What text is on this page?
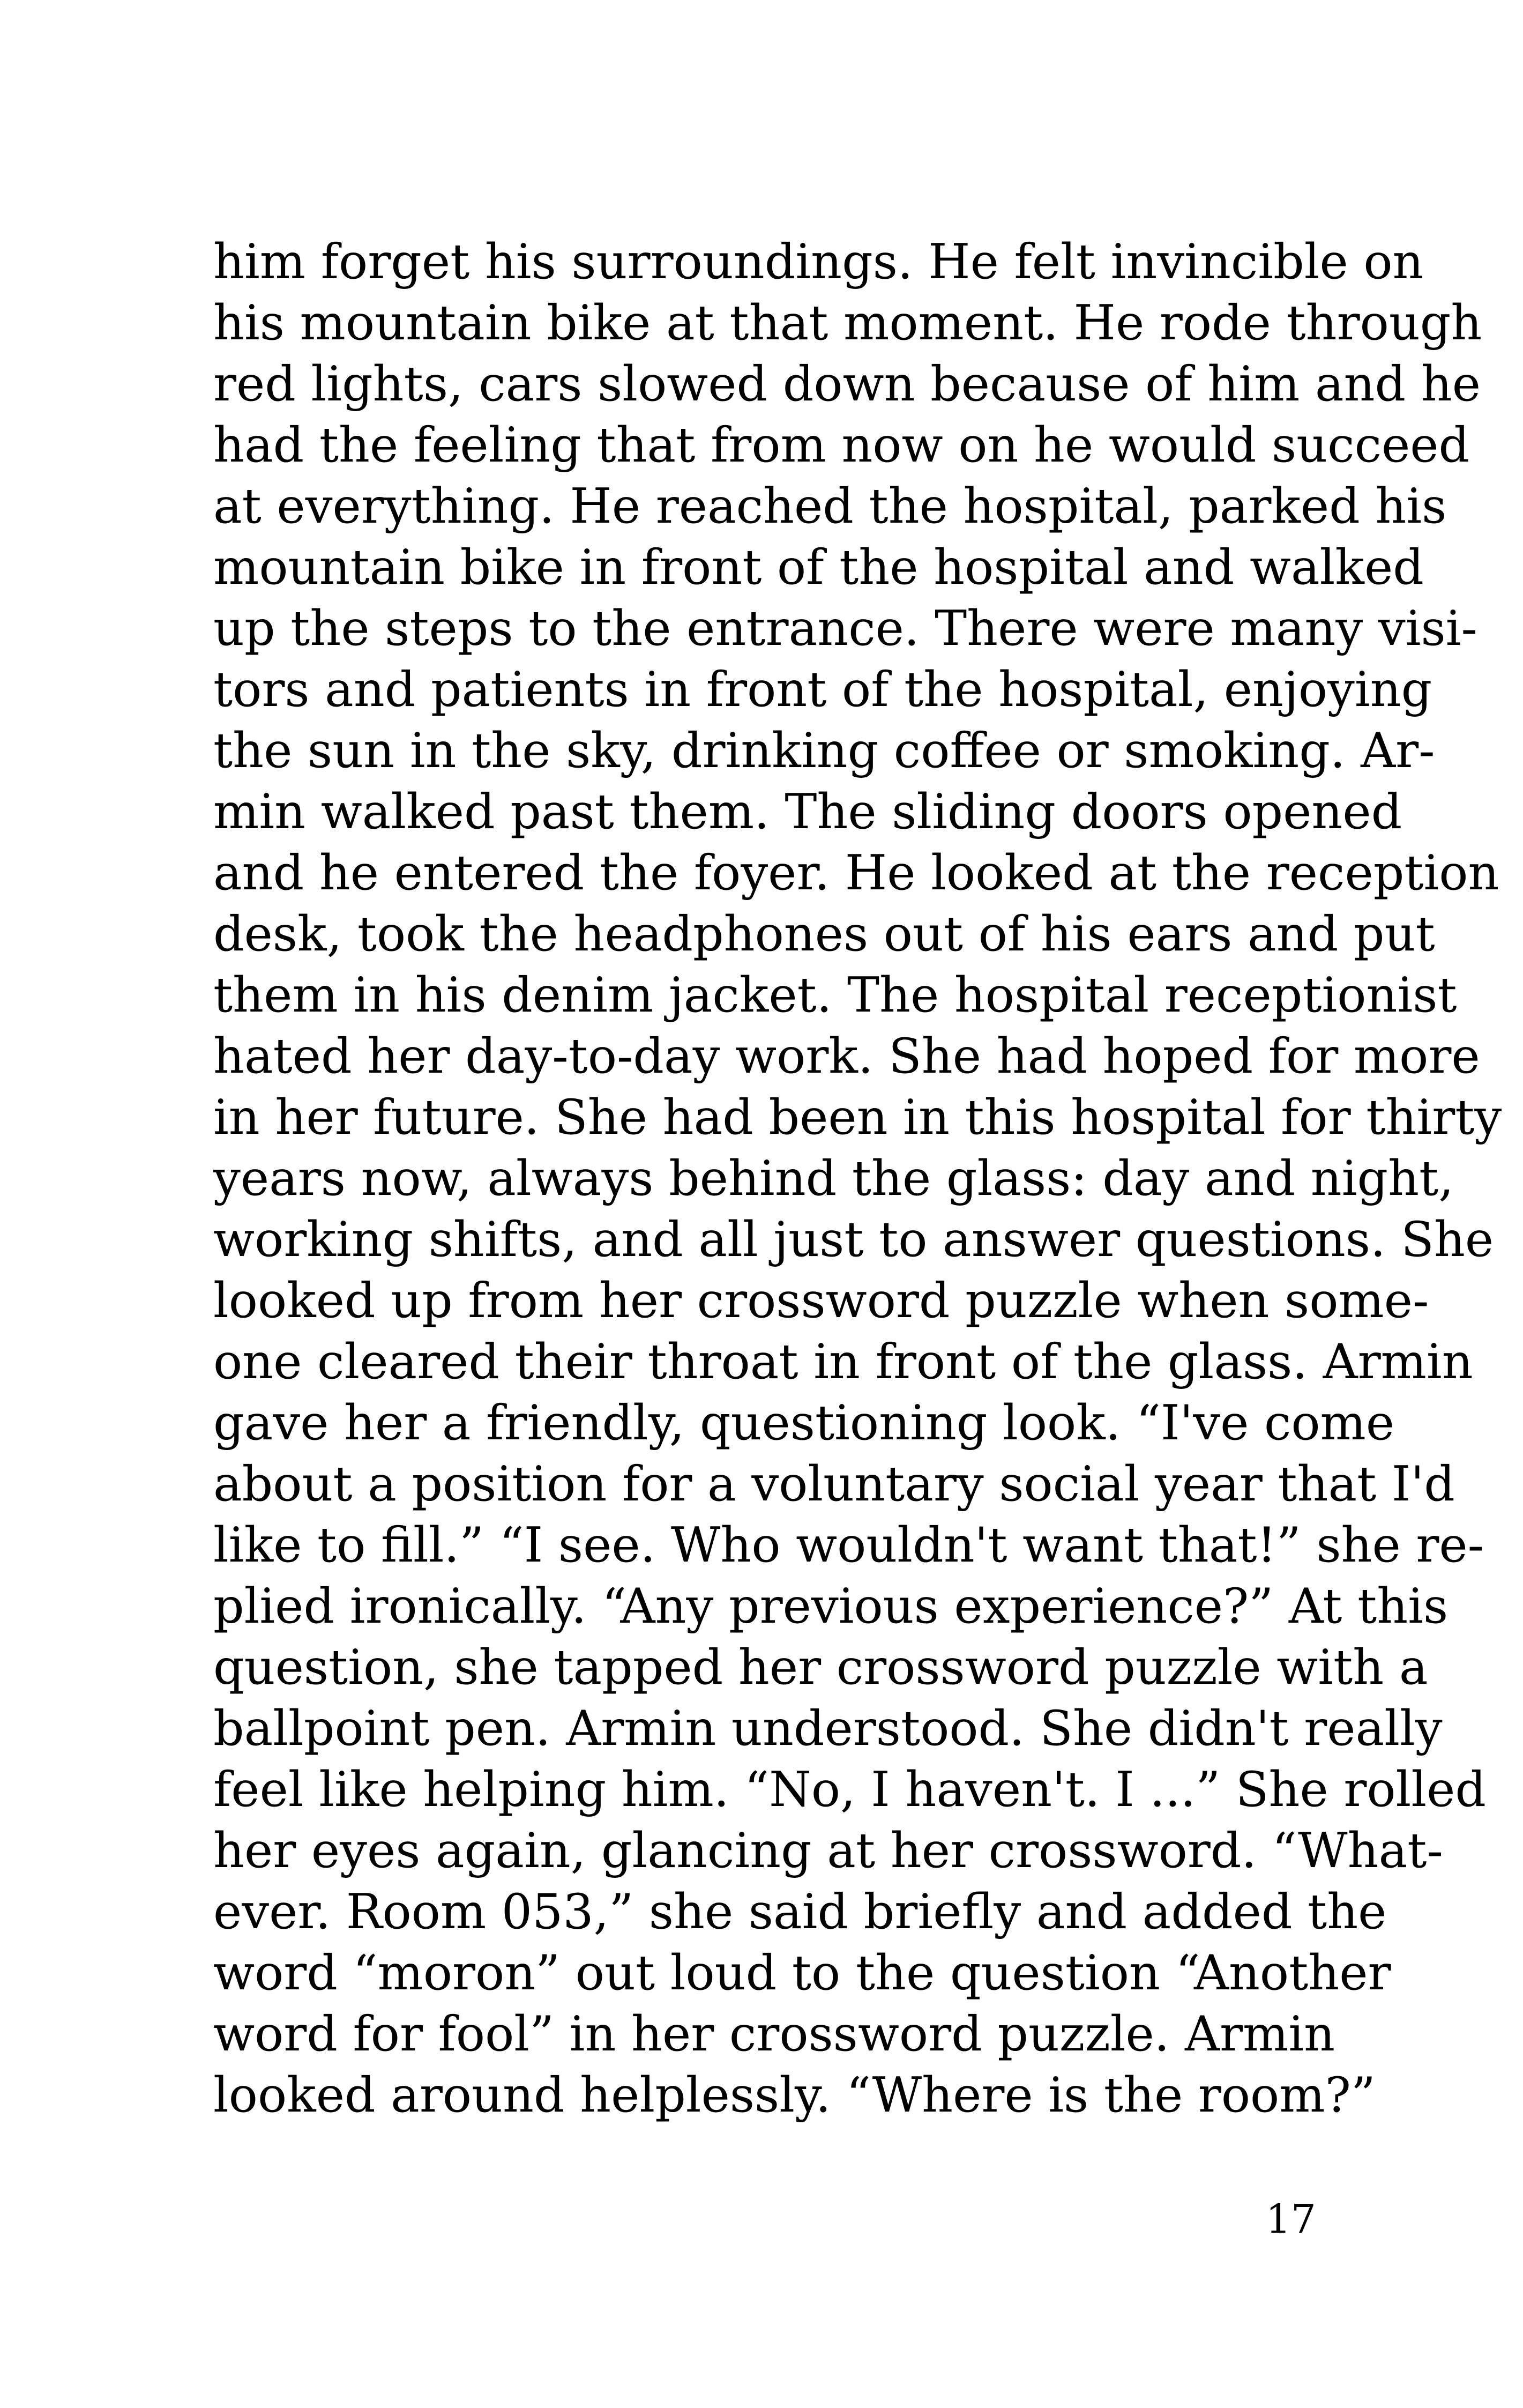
him forget his surroundings. He felt invincible on
his mountain bike at that moment. He rode through
red lights, cars slowed down because of him and he
had the feeling that from now on he would succeed
at everything. He reached the hospital, parked his
mountain bike in front of the hospital and walked
up the steps to the entrance. There were many visi-
tors and patients in front of the hospital, enjoying
the sun in the sky, drinking coffee or smoking. Ar-
min walked past them. The sliding doors opened
and he entered the foyer. He looked at the reception
desk, took the headphones out of his ears and put
them in his denim jacket. The hospital receptionist
hated her day-to-day work. She had hoped for more
in her future. She had been in this hospital for thirty
years now, always behind the glass: day and night,
working shifts, and all just to answer questions. She
looked up from her crossword puzzle when some-
one cleared their throat in front of the glass. Armin
gave her a friendly, questioning look. “I've come
about a position for a voluntary social year that I'd
like to fill.” “I see. Who wouldn't want that!” she re-
plied ironically. “Any previous experience?” At this
question, she tapped her crossword puzzle with a
ballpoint pen. Armin understood. She didn't really
feel like helping him. “No, I haven't. I ...” She rolled
her eyes again, glancing at her crossword. “What-
ever. Room 053,” she said briefly and added the
word “moron” out loud to the question “Another
word for fool” in her crossword puzzle. Armin
looked around helplessly. “Where is the room?”
17
